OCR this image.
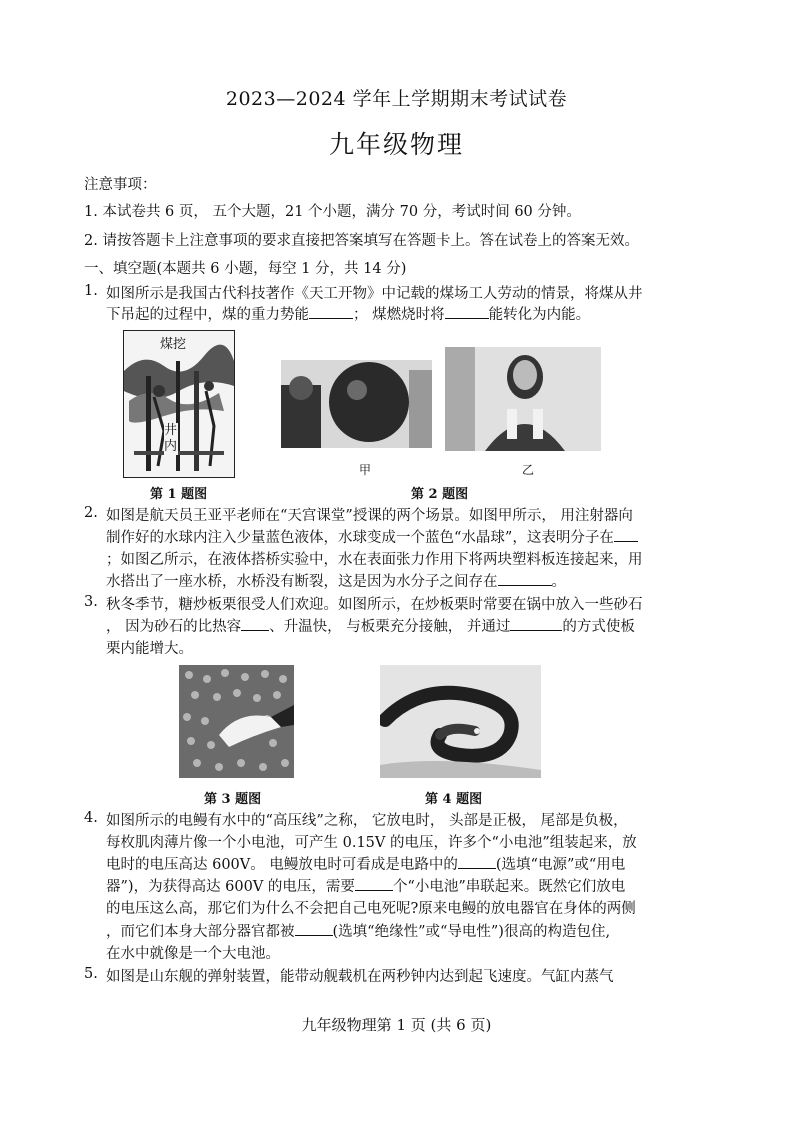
2023—2024 学年上学期期末考试试卷
九年级物理
注意事项：
1. 本试卷共 6 页， 五个大题，21 个小题，满分 70 分，考试时间 60 分钟。
2. 请按答题卡上注意事项的要求直接把答案填写在答题卡上。答在试卷上的答案无效。
一、填空题(本题共 6 小题，每空 1 分，共 14 分)
1. 如图所示是我国古代科技著作《天工开物》中记载的煤场工人劳动的情景，将煤从井
下吊起的过程中，煤的重力势能	； 煤燃烧时将	能转化为内能。
煤挖
井内
第 1 题图
甲	乙
第 2 题图
2. 如图是航天员王亚平老师在“天宫课堂”授课的两个场景。如图甲所示， 用注射器向
制作好的水球内注入少量蓝色液体，水球变成一个蓝色“水晶球”，这表明分子在
；如图乙所示，在液体搭桥实验中，水在表面张力作用下将两块塑料板连接起来，用
水搭出了一座水桥，水桥没有断裂，这是因为水分子之间存在	。
3. 秋冬季节，糖炒板栗很受人们欢迎。如图所示，在炒板栗时常要在锅中放入一些砂石
， 因为砂石的比热容 、升温快， 与板栗充分接触， 并通过	的方式使板
栗内能增大。
第 3 题图	第 4 题图
4. 如图所示的电鳗有水中的“高压线”之称， 它放电时， 头部是正极， 尾部是负极，
每枚肌肉薄片像一个小电池，可产生 0.15V 的电压，许多个“小电池”组装起来，放
电时的电压高达 600V。 电鳗放电时可看成是电路中的	(选填“电源”或“用电
器”)，为获得高达 600V 的电压，需要	个“小电池”串联起来。既然它们放电
的电压这么高，那它们为什么不会把自己电死呢?原来电鳗的放电器官在身体的两侧
，而它们本身大部分器官都被	(选填“绝缘性”或“导电性”)很高的构造包住,
在水中就像是一个大电池。
5. 如图是山东舰的弹射装置，能带动舰载机在两秒钟内达到起飞速度。气缸内蒸气
九年级物理第 1 页 (共 6 页)
